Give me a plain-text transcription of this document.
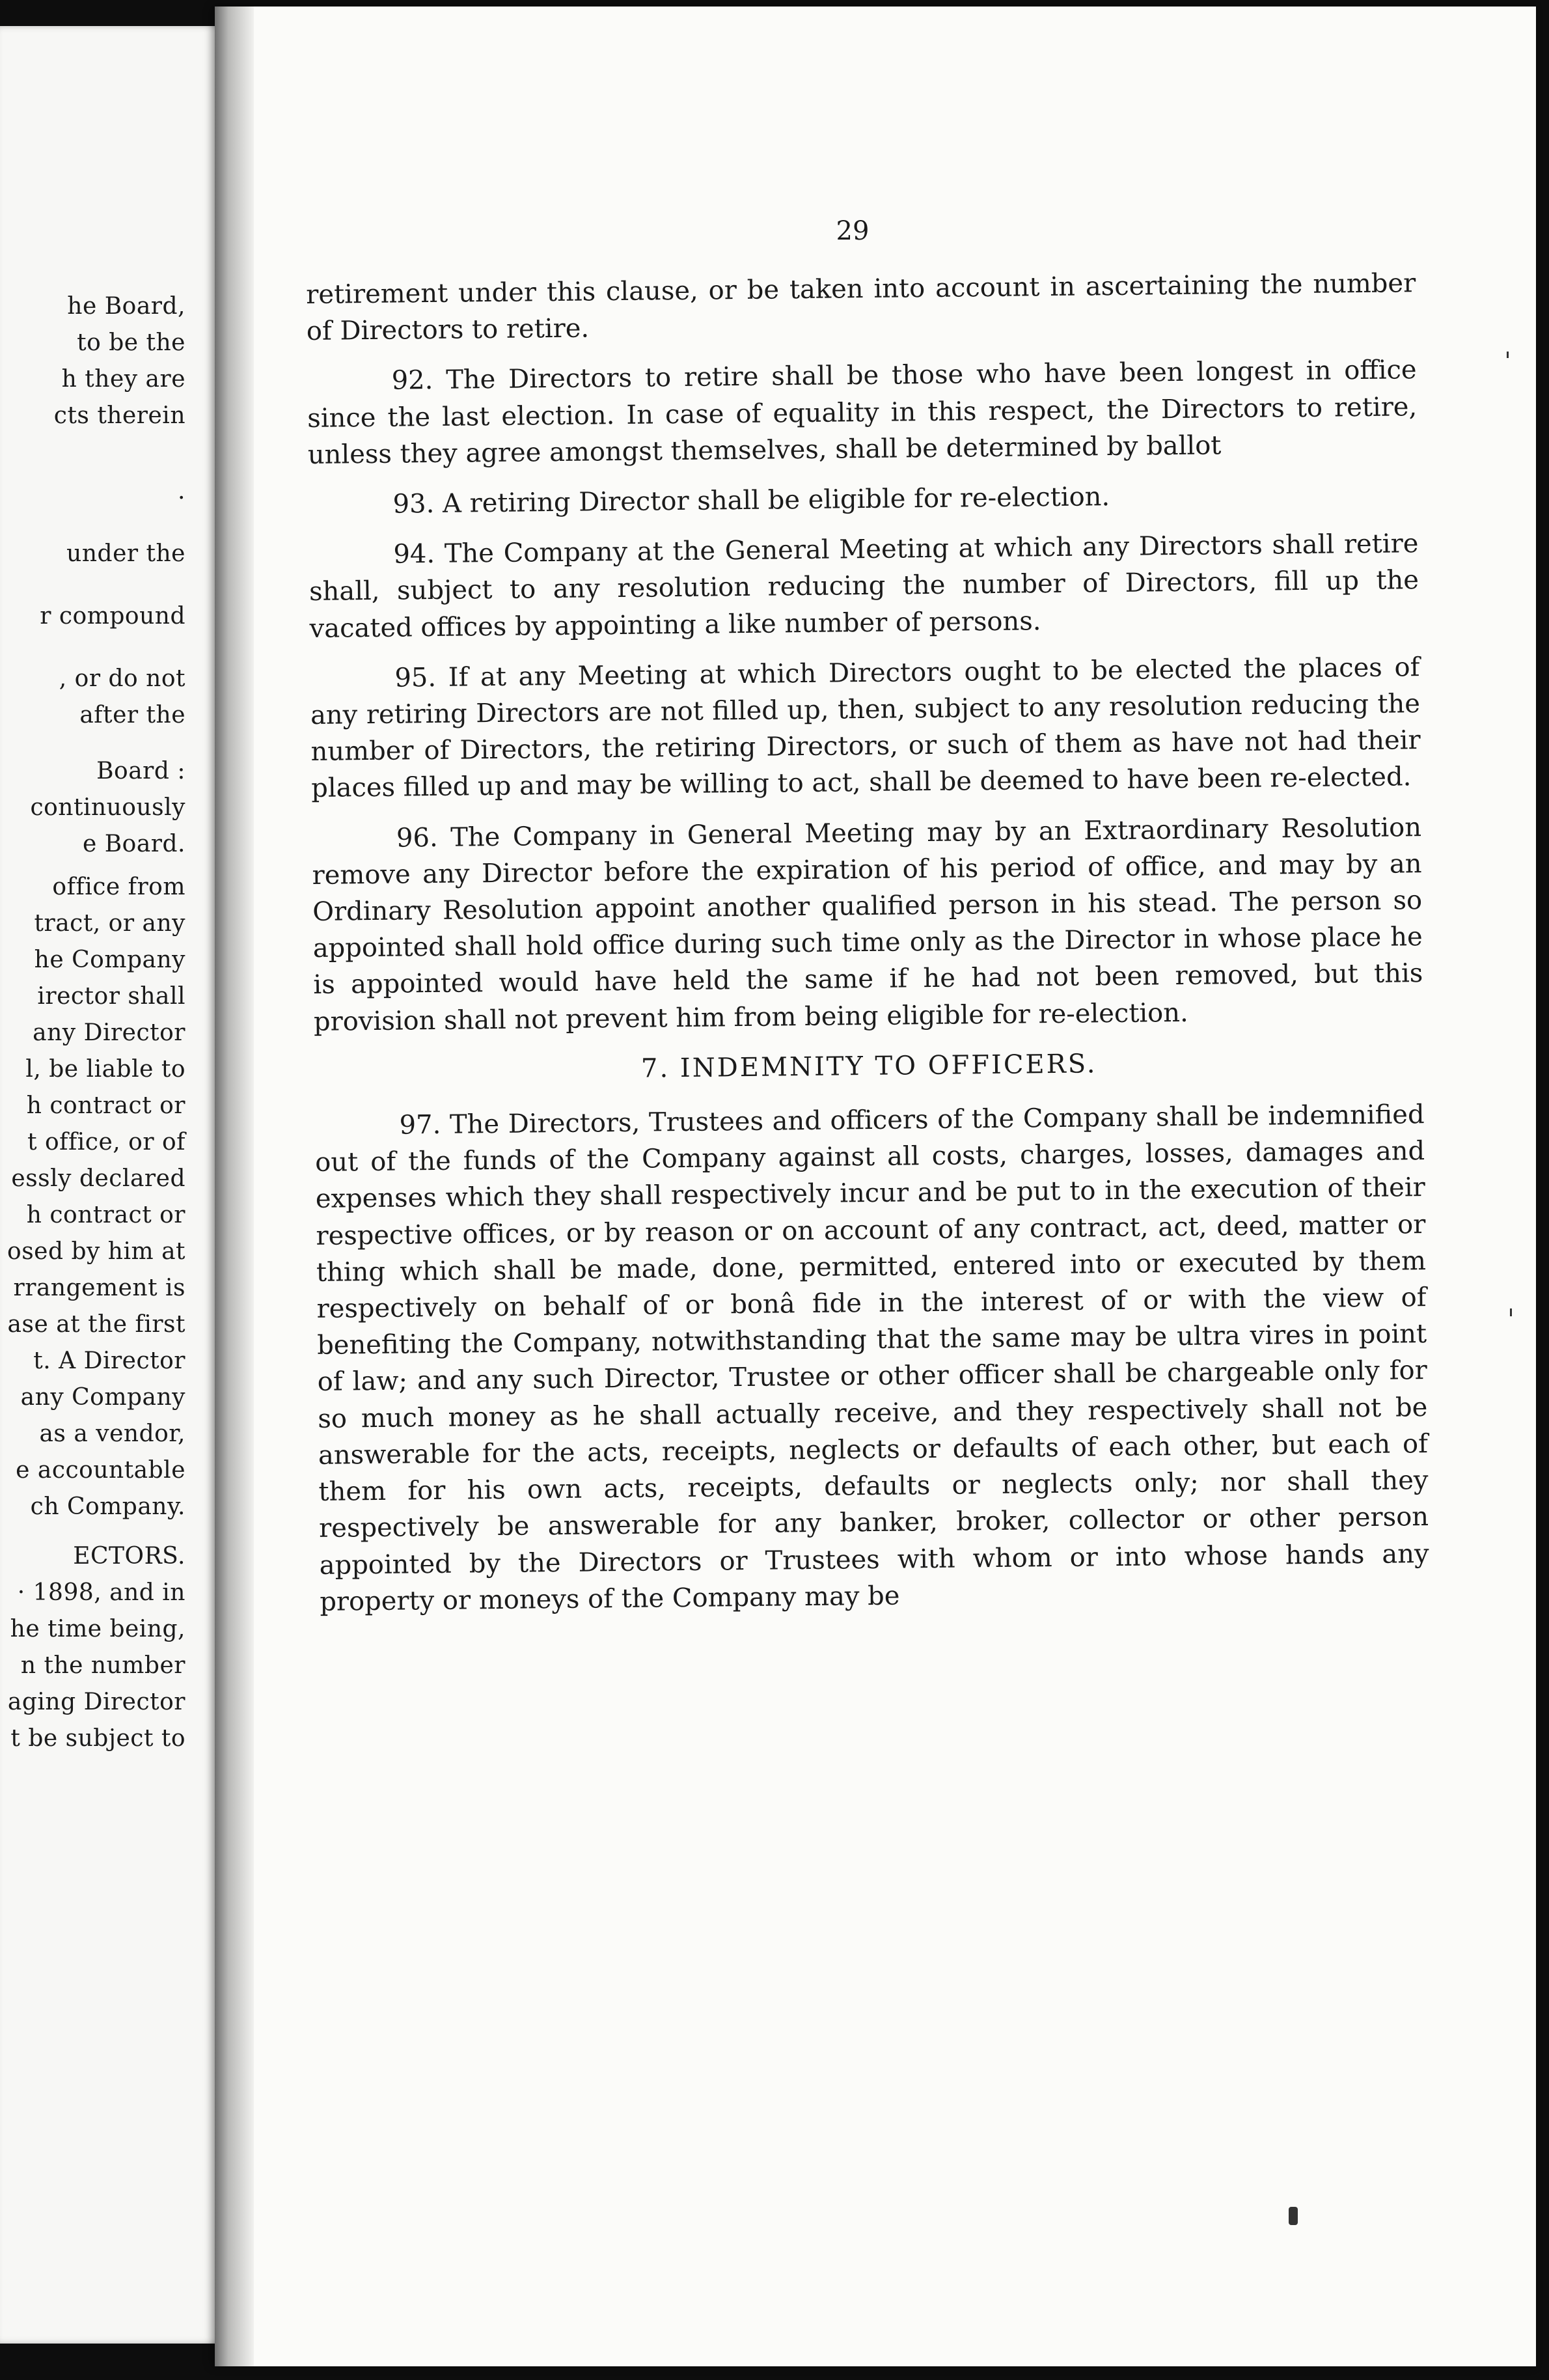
he Board,
to be the
h they are
cts therein
.
under the
r compound
, or do not
after the
Board :
continuously
e Board.
office from
tract, or any
he Company
irector shall
any Director
l, be liable to
h contract or
t office, or of
essly declared
h contract or
osed by him at
rrangement is
ase at the first
t. A Director
any Company
as a vendor,
e accountable
ch Company.
ECTORS.
· 1898, and in
he time being,
n the number
aging Director
t be subject to
29

retirement under this clause, or be taken into account in ascertaining the number of Directors to retire.

92. The Directors to retire shall be those who have been longest in office since the last election. In case of equality in this respect, the Directors to retire, unless they agree amongst themselves, shall be determined by ballot

93. A retiring Director shall be eligible for re-election.

94. The Company at the General Meeting at which any Directors shall retire shall, subject to any resolution reducing the number of Directors, fill up the vacated offices by appointing a like number of persons.

95. If at any Meeting at which Directors ought to be elected the places of any retiring Directors are not filled up, then, subject to any resolution reducing the number of Directors, the retiring Directors, or such of them as have not had their places filled up and may be willing to act, shall be deemed to have been re-elected.

96. The Company in General Meeting may by an Extraordinary Resolution remove any Director before the expiration of his period of office, and may by an Ordinary Resolution appoint another qualified person in his stead. The person so appointed shall hold office during such time only as the Director in whose place he is appointed would have held the same if he had not been removed, but this provision shall not prevent him from being eligible for re-election.

7. INDEMNITY TO OFFICERS.

97. The Directors, Trustees and officers of the Company shall be indemnified out of the funds of the Company against all costs, charges, losses, damages and expenses which they shall respectively incur and be put to in the execution of their respective offices, or by reason or on account of any contract, act, deed, matter or thing which shall be made, done, permitted, entered into or executed by them respectively on behalf of or bonâ fide in the interest of or with the view of benefiting the Company, notwithstanding that the same may be ultra vires in point of law; and any such Director, Trustee or other officer shall be chargeable only for so much money as he shall actually receive, and they respectively shall not be answerable for the acts, receipts, neglects or defaults of each other, but each of them for his own acts, receipts, defaults or neglects only; nor shall they respectively be answerable for any banker, broker, collector or other person appointed by the Directors or Trustees with whom or into whose hands any property or moneys of the Company may be
